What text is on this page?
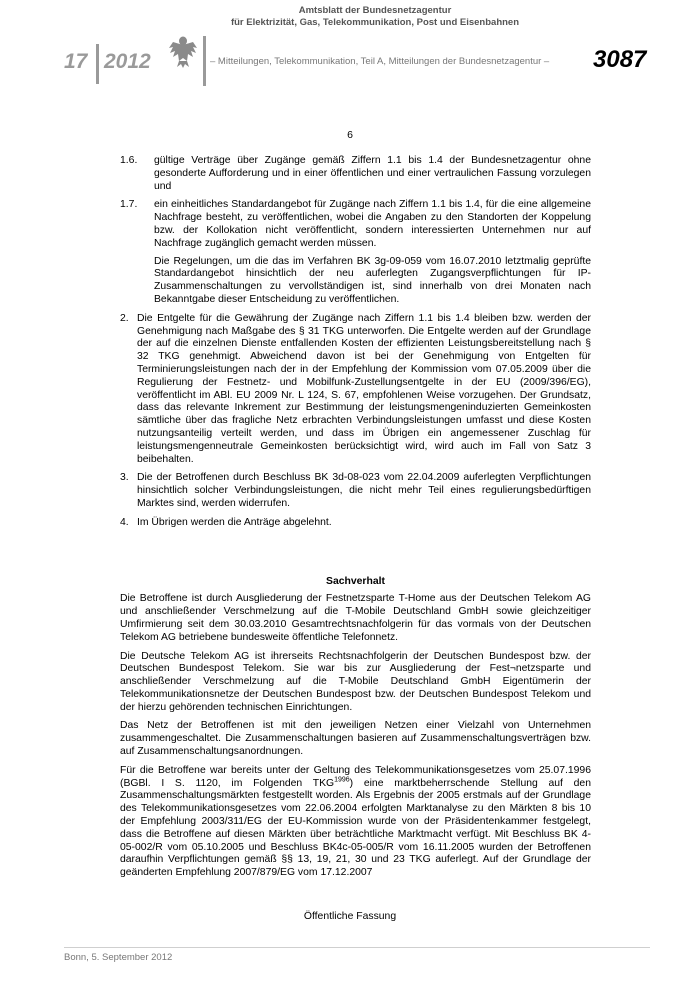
17 2012
Amtsblatt der Bundesnetzagentur
für Elektrizität, Gas, Telekommunikation, Post und Eisenbahnen
– Mitteilungen, Telekommunikation, Teil A, Mitteilungen der Bundesnetzagentur – 3087
6
1.6. gültige Verträge über Zugänge gemäß Ziffern 1.1 bis 1.4 der Bundesnetzagentur ohne gesonderte Aufforderung und in einer öffentlichen und einer vertraulichen Fassung vorzulegen und
1.7. ein einheitliches Standardangebot für Zugänge nach Ziffern 1.1 bis 1.4, für die eine allgemeine Nachfrage besteht, zu veröffentlichen, wobei die Angaben zu den Standorten der Koppelung bzw. der Kollokation nicht veröffentlicht, sondern interessierten Unternehmen nur auf Nachfrage zugänglich gemacht werden müssen.
Die Regelungen, um die das im Verfahren BK 3g-09-059 vom 16.07.2010 letztmalig geprüfte Standardangebot hinsichtlich der neu auferlegten Zugangsverpflichtungen für IP-Zusammenschaltungen zu vervollständigen ist, sind innerhalb von drei Monaten nach Bekanntgabe dieser Entscheidung zu veröffentlichen.
2. Die Entgelte für die Gewährung der Zugänge nach Ziffern 1.1 bis 1.4 bleiben bzw. werden der Genehmigung nach Maßgabe des § 31 TKG unterworfen. Die Entgelte werden auf der Grundlage der auf die einzelnen Dienste entfallenden Kosten der effizienten Leistungsbereitstellung nach § 32 TKG genehmigt. Abweichend davon ist bei der Genehmigung von Entgelten für Terminierungsleistungen nach der in der Empfehlung der Kommission vom 07.05.2009 über die Regulierung der Festnetz- und Mobilfunk-Zustellungsentgelte in der EU (2009/396/EG), veröffentlicht im ABl. EU 2009 Nr. L 124, S. 67, empfohlenen Weise vorzugehen. Der Grundsatz, dass das relevante Inkrement zur Bestimmung der leistungsmengeninduzierten Gemeinkosten sämtliche über das fragliche Netz erbrachten Verbindungsleistungen umfasst und diese Kosten nutzungsanteilig verteilt werden, und dass im Übrigen ein angemessener Zuschlag für leistungsmengenneutrale Gemeinkosten berücksichtigt wird, wird auch im Fall von Satz 3 beibehalten.
3. Die der Betroffenen durch Beschluss BK 3d-08-023 vom 22.04.2009 auferlegten Verpflichtungen hinsichtlich solcher Verbindungsleistungen, die nicht mehr Teil eines regulierungsbedürftigen Marktes sind, werden widerrufen.
4. Im Übrigen werden die Anträge abgelehnt.
Sachverhalt
Die Betroffene ist durch Ausgliederung der Festnetzsparte T-Home aus der Deutschen Telekom AG und anschließender Verschmelzung auf die T-Mobile Deutschland GmbH sowie gleichzeitiger Umfirmierung seit dem 30.03.2010 Gesamtrechtsnachfolgerin für das vormals von der Deutschen Telekom AG betriebene bundesweite öffentliche Telefonnetz.
Die Deutsche Telekom AG ist ihrerseits Rechtsnachfolgerin der Deutschen Bundespost bzw. der Deutschen Bundespost Telekom. Sie war bis zur Ausgliederung der Fest¬netzsparte und anschließender Verschmelzung auf die T-Mobile Deutschland GmbH Eigentümerin der Telekommunikationsnetze der Deutschen Bundespost bzw. der Deutschen Bundespost Telekom und der hierzu gehörenden technischen Einrichtungen.
Das Netz der Betroffenen ist mit den jeweiligen Netzen einer Vielzahl von Unternehmen zusammengeschaltet. Die Zusammenschaltungen basieren auf Zusammenschaltungsverträgen bzw. auf Zusammenschaltungsanordnungen.
Für die Betroffene war bereits unter der Geltung des Telekommunikationsgesetzes vom 25.07.1996 (BGBl. I S. 1120, im Folgenden $TKG^{1996}$) eine marktbeherrschende Stellung auf den Zusammenschaltungsmärkten festgestellt worden. Als Ergebnis der 2005 erstmals auf der Grundlage des Telekommunikationsgesetzes vom 22.06.2004 erfolgten Marktanalyse zu den Märkten 8 bis 10 der Empfehlung 2003/311/EG der EU-Kommission wurde von der Präsidentenkammer festgelegt, dass die Betroffene auf diesen Märkten über beträchtliche Marktmacht verfügt. Mit Beschluss BK 4-05-002/R vom 05.10.2005 und Beschluss BK4c-05-005/R vom 16.11.2005 wurden der Betroffenen daraufhin Verpflichtungen gemäß §§ 13, 19, 21, 30 und 23 TKG auferlegt. Auf der Grundlage der geänderten Empfehlung 2007/879/EG vom 17.12.2007
Öffentliche Fassung
Bonn, 5. September 2012
